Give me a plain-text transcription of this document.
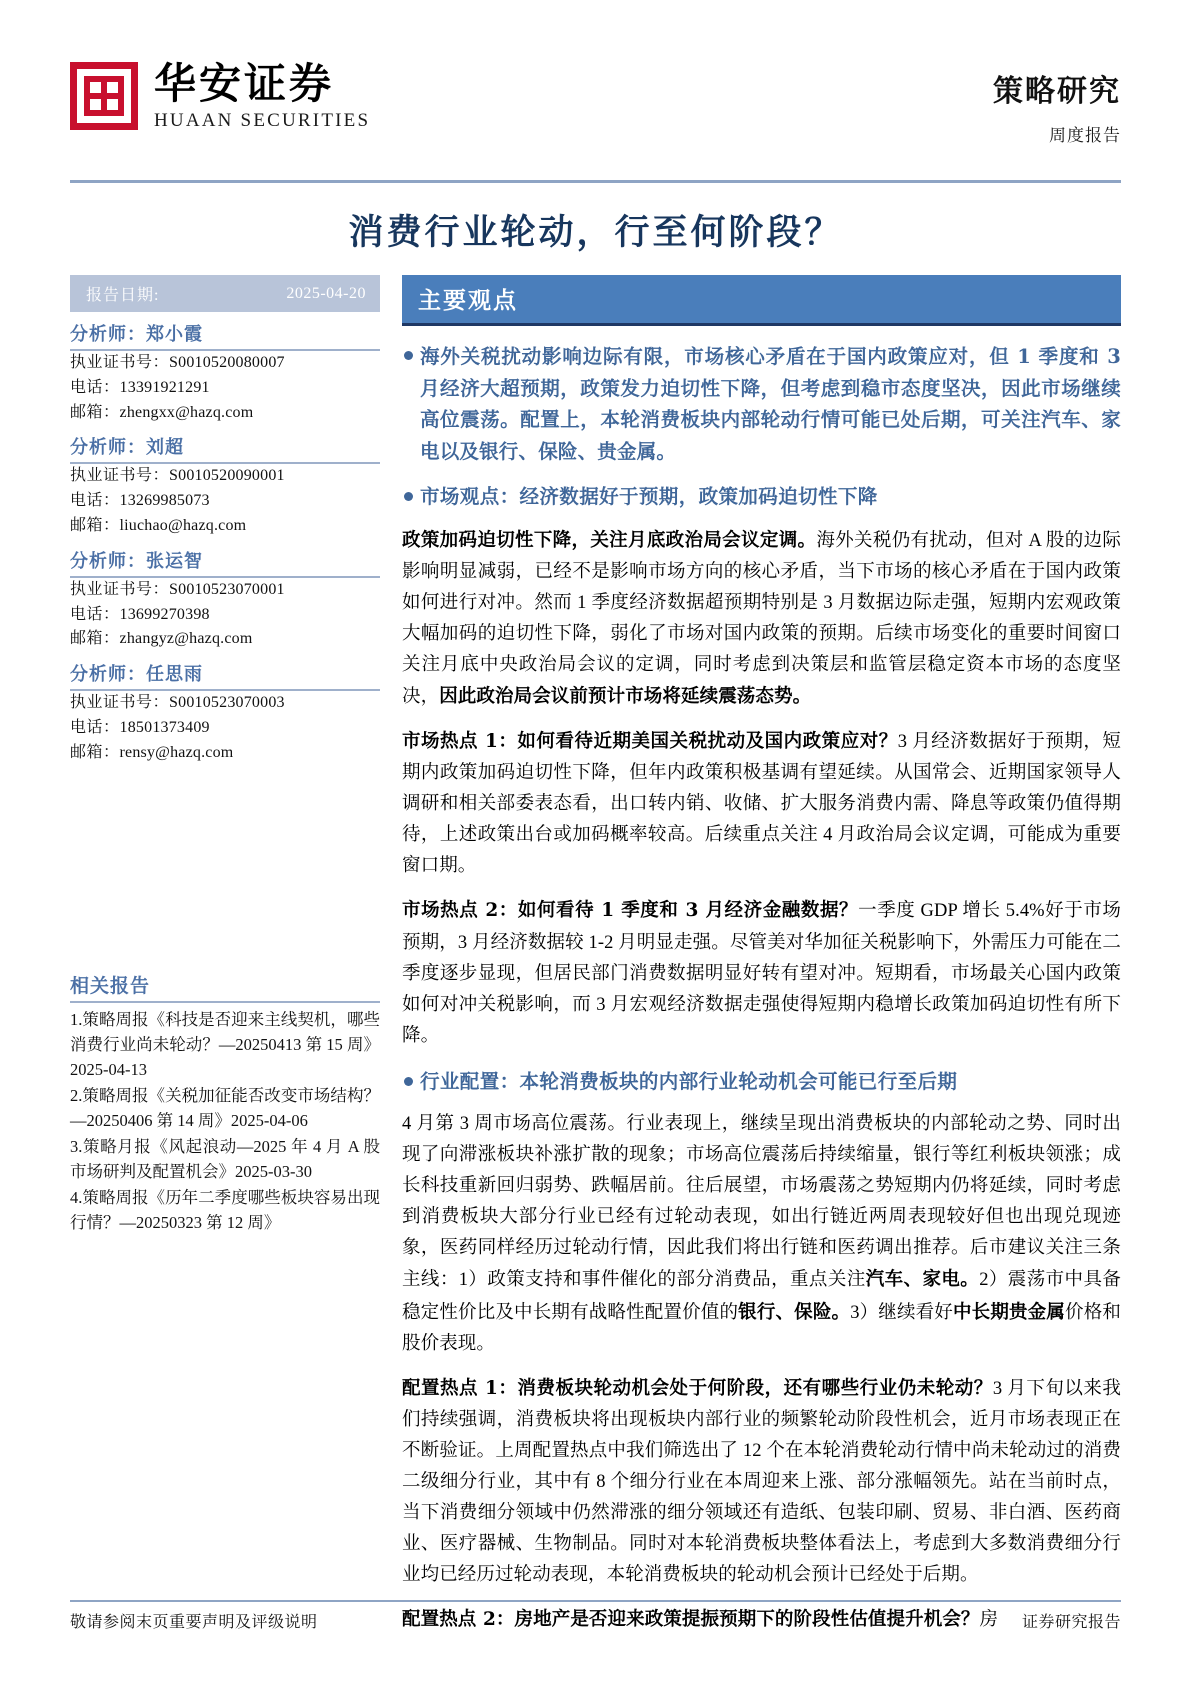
华安证券
HUAAN SECURITIES
策略研究
周度报告
消费行业轮动，行至何阶段？
报告日期:	2025-04-20
分析师：郑小霞
执业证书号：S0010520080007
电话：13391921291
邮箱：zhengxx@hazq.com
分析师：刘超
执业证书号：S0010520090001
电话：13269985073
邮箱：liuchao@hazq.com
分析师：张运智
执业证书号：S0010523070001
电话：13699270398
邮箱：zhangyz@hazq.com
分析师：任思雨
执业证书号：S0010523070003
电话：18501373409
邮箱：rensy@hazq.com
相关报告
1.策略周报《科技是否迎来主线契机，哪些消费行业尚未轮动？—20250413 第 15 周》2025-04-13
2.策略周报《关税加征能否改变市场结构？—20250406 第 14 周》2025-04-06
3.策略月报《风起浪动—2025 年 4 月 A 股市场研判及配置机会》2025-03-30
4.策略周报《历年二季度哪些板块容易出现行情？—20250323 第 12 周》
主要观点
海外关税扰动影响边际有限，市场核心矛盾在于国内政策应对，但 1 季度和 3 月经济大超预期，政策发力迫切性下降，但考虑到稳市态度坚决，因此市场继续高位震荡。配置上，本轮消费板块内部轮动行情可能已处后期，可关注汽车、家电以及银行、保险、贵金属。
市场观点：经济数据好于预期，政策加码迫切性下降

政策加码迫切性下降，关注月底政治局会议定调。海外关税仍有扰动，但对 A 股的边际影响明显减弱，已经不是影响市场方向的核心矛盾，当下市场的核心矛盾在于国内政策如何进行对冲。然而 1 季度经济数据超预期特别是 3 月数据边际走强，短期内宏观政策大幅加码的迫切性下降，弱化了市场对国内政策的预期。后续市场变化的重要时间窗口关注月底中央政治局会议的定调，同时考虑到决策层和监管层稳定资本市场的态度坚决，因此政治局会议前预计市场将延续震荡态势。

市场热点 1：如何看待近期美国关税扰动及国内政策应对？3 月经济数据好于预期，短期内政策加码迫切性下降，但年内政策积极基调有望延续。从国常会、近期国家领导人调研和相关部委表态看，出口转内销、收储、扩大服务消费内需、降息等政策仍值得期待，上述政策出台或加码概率较高。后续重点关注 4 月政治局会议定调，可能成为重要窗口期。

市场热点 2：如何看待 1 季度和 3 月经济金融数据？一季度 GDP 增长 5.4%好于市场预期，3 月经济数据较 1-2 月明显走强。尽管美对华加征关税影响下，外需压力可能在二季度逐步显现，但居民部门消费数据明显好转有望对冲。短期看，市场最关心国内政策如何对冲关税影响，而 3 月宏观经济数据走强使得短期内稳增长政策加码迫切性有所下降。

行业配置：本轮消费板块的内部行业轮动机会可能已行至后期

4 月第 3 周市场高位震荡。行业表现上，继续呈现出消费板块的内部轮动之势、同时出现了向滞涨板块补涨扩散的现象；市场高位震荡后持续缩量，银行等红利板块领涨；成长科技重新回归弱势、跌幅居前。往后展望，市场震荡之势短期内仍将延续，同时考虑到消费板块大部分行业已经有过轮动表现，如出行链近两周表现较好但也出现兑现迹象，医药同样经历过轮动行情，因此我们将出行链和医药调出推荐。后市建议关注三条主线：1）政策支持和事件催化的部分消费品，重点关注汽车、家电。2）震荡市中具备稳定性价比及中长期有战略性配置价值的银行、保险。3）继续看好中长期贵金属价格和股价表现。

配置热点 1：消费板块轮动机会处于何阶段，还有哪些行业仍未轮动？3 月下旬以来我们持续强调，消费板块将出现板块内部行业的频繁轮动阶段性机会，近月市场表现正在不断验证。上周配置热点中我们筛选出了 12 个在本轮消费轮动行情中尚未轮动过的消费二级细分行业，其中有 8 个细分行业在本周迎来上涨、部分涨幅领先。站在当前时点，当下消费细分领域中仍然滞涨的细分领域还有造纸、包装印刷、贸易、非白酒、医药商业、医疗器械、生物制品。同时对本轮消费板块整体看法上，考虑到大多数消费细分行业均已经历过轮动表现，本轮消费板块的轮动机会预计已经处于后期。

配置热点 2：房地产是否迎来政策提振预期下的阶段性估值提升机会？房

敬请参阅末页重要声明及评级说明	证券研究报告
